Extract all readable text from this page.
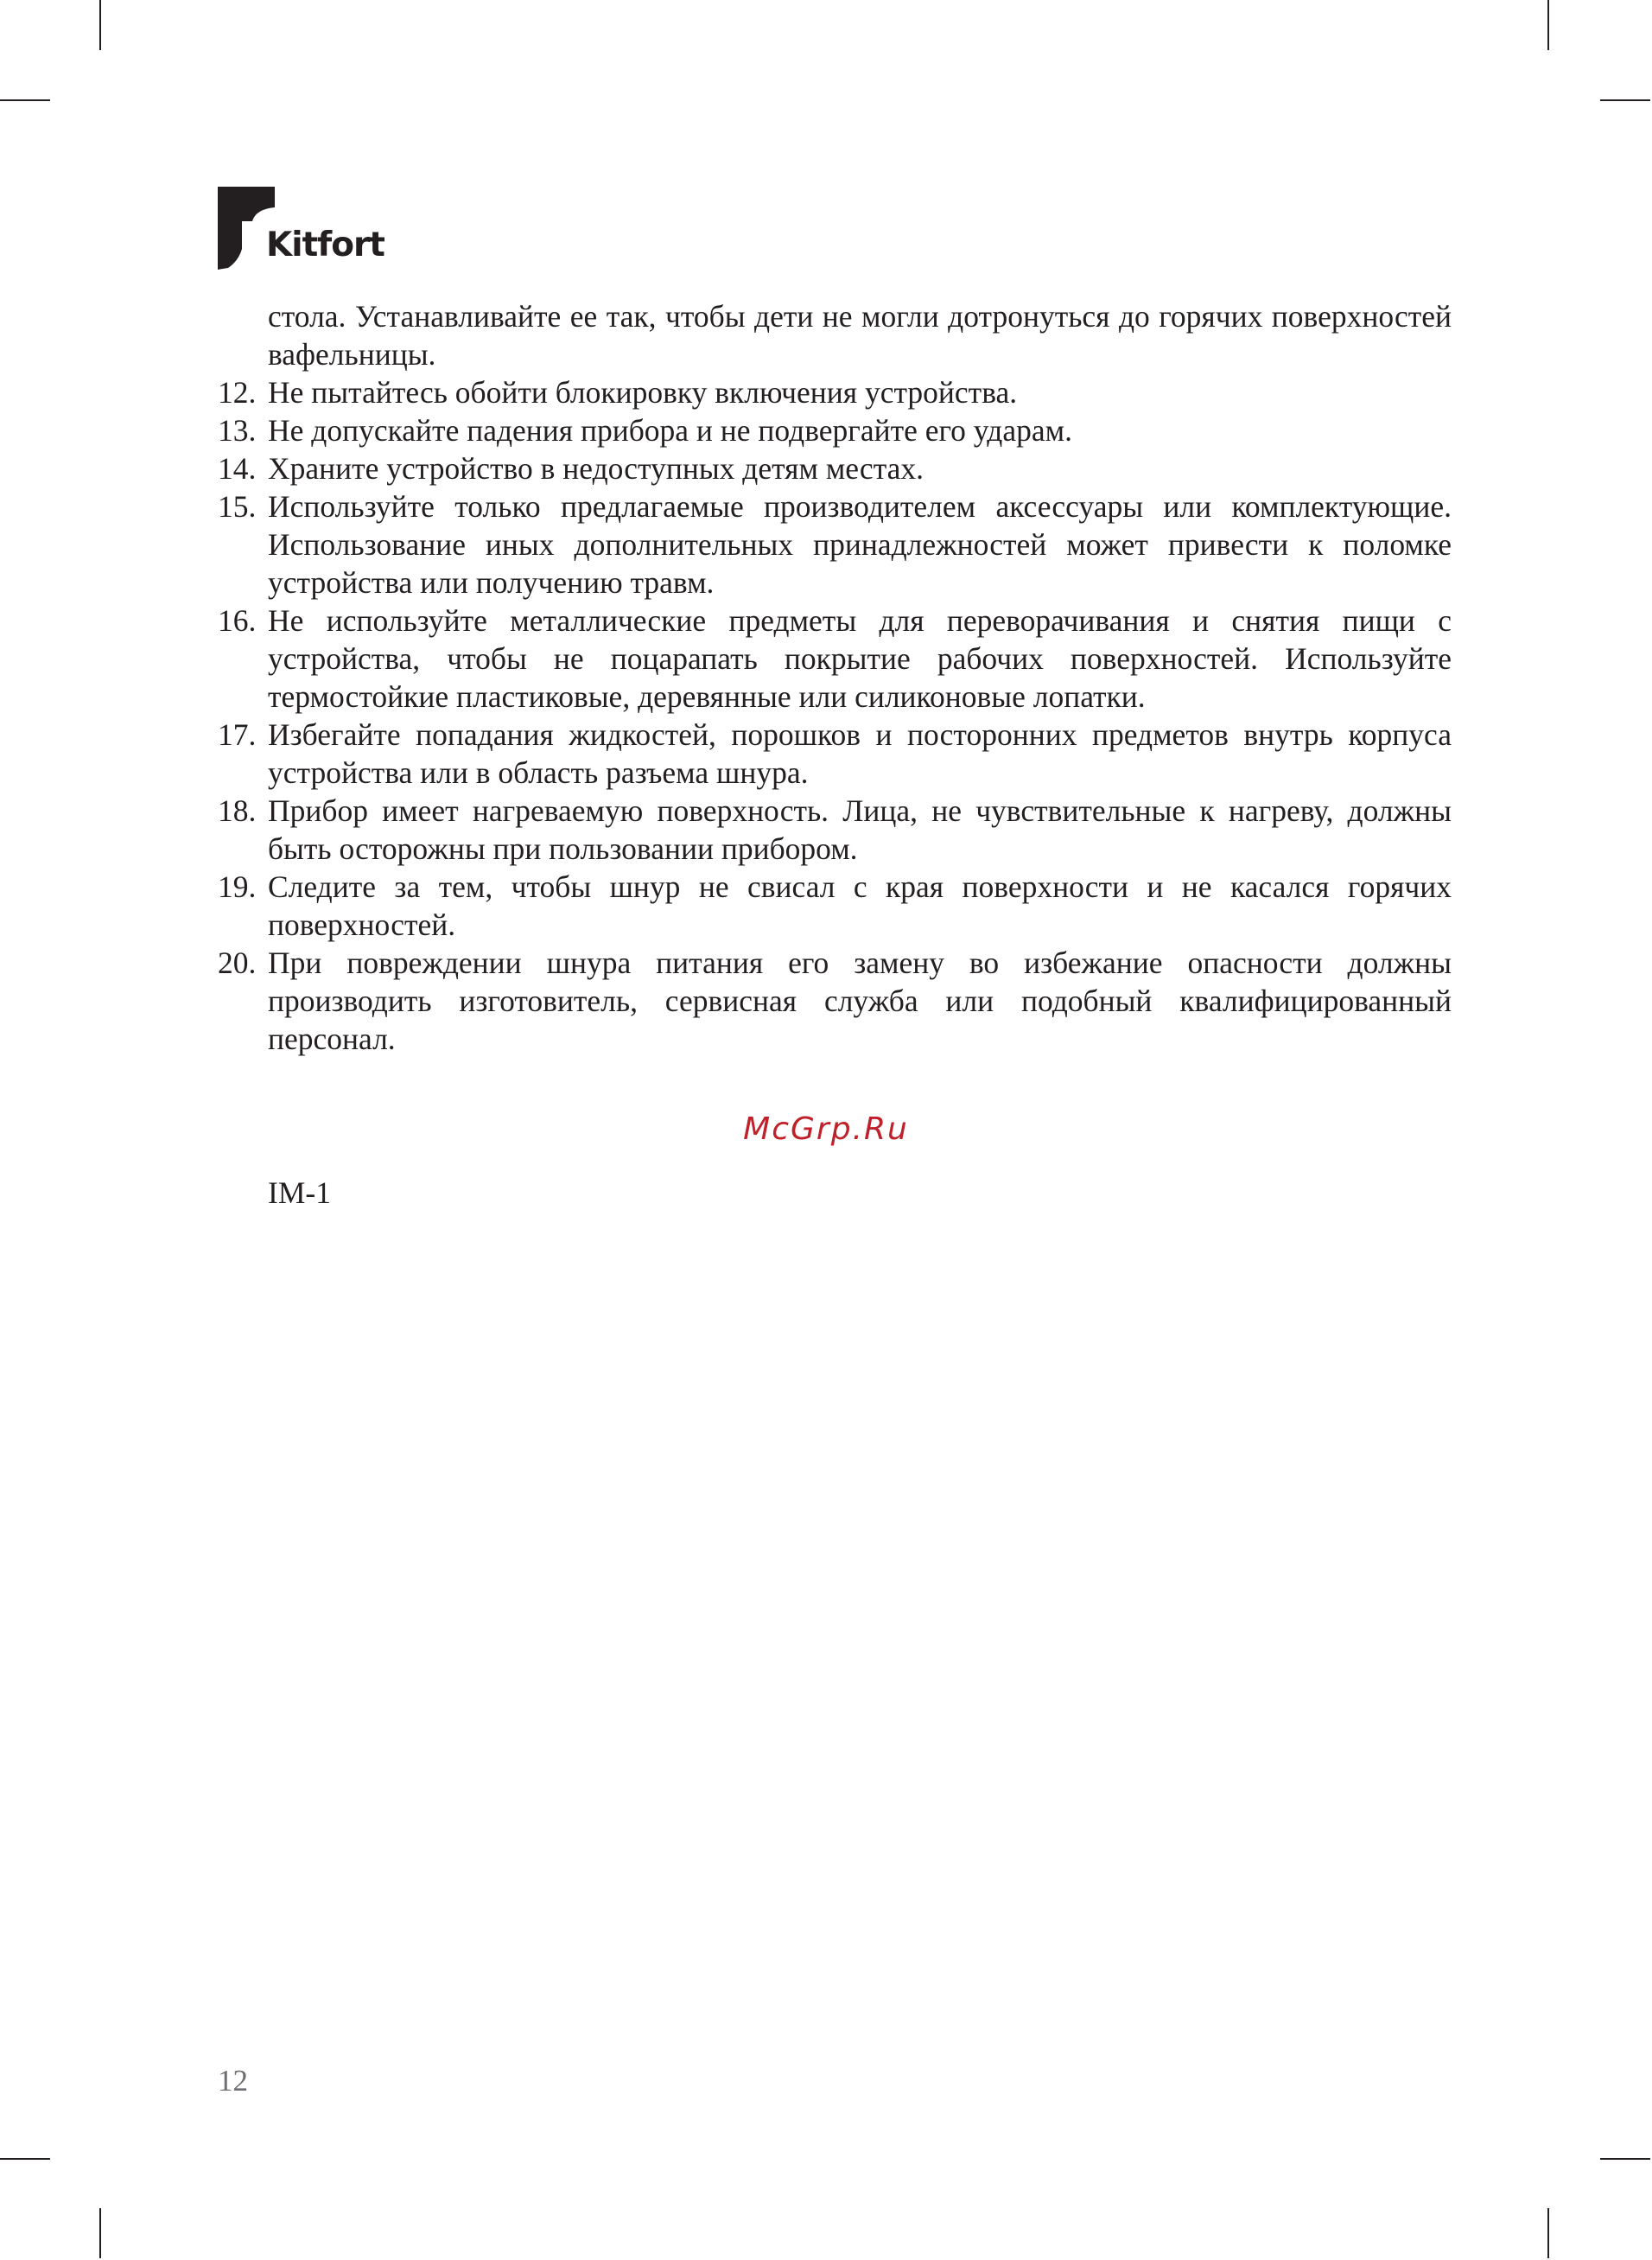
Kitfort

стола. Устанавливайте ее так, чтобы дети не могли дотронуться до горячих поверхностей вафельницы.

12. Не пытайтесь обойти блокировку включения устройства.
13. Не допускайте падения прибора и не подвергайте его ударам.
14. Храните устройство в недоступных детям местах.
15. Используйте только предлагаемые производителем аксессуары или комплектующие. Использование иных дополнительных принадлежностей может привести к поломке устройства или получению травм.
16. Не используйте металлические предметы для переворачивания и снятия пищи с устройства, чтобы не поцарапать покрытие рабочих поверхностей. Используйте термостойкие пластиковые, деревянные или силиконовые лопатки.
17. Избегайте попадания жидкостей, порошков и посторонних предметов внутрь корпуса устройства или в область разъема шнура.
18. Прибор имеет нагреваемую поверхность. Лица, не чувствительные к нагреву, должны быть осторожны при пользовании прибором.
19. Следите за тем, чтобы шнур не свисал с края поверхности и не касался горячих поверхностей.
20. При повреждении шнура питания его замену во избежание опасности должны производить изготовитель, сервисная служба или подобный квалифицированный персонал.
McGrp.Ru
IM-1
12
